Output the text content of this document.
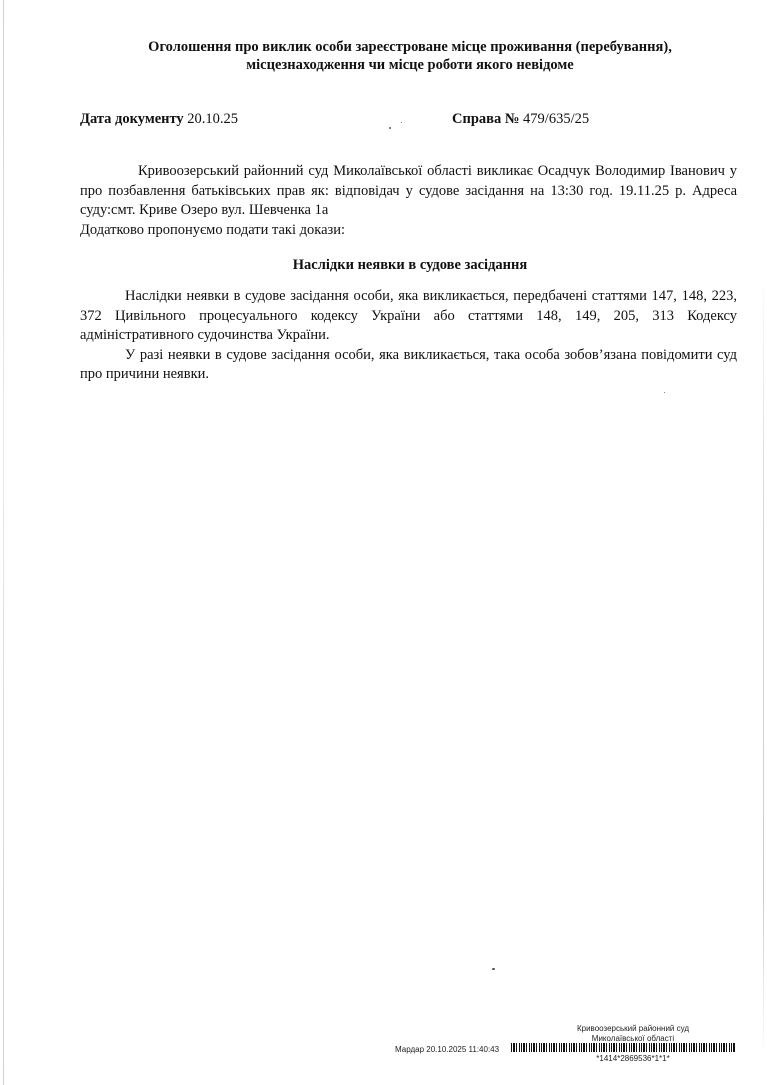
Оголошення про виклик особи зареєстроване місце проживання (перебування),
місцезнаходження чи місце роботи якого невідоме
Дата документу 20.10.25	Справа № 479/635/25
Кривоозерський районний суд Миколаївської області викликає Осадчук Володимир Іванович у про позбавлення батьківських прав як: відповідач у судове засідання на 13:30 год. 19.11.25 р. Адреса суду:смт. Криве Озеро вул. Шевченка 1а
Додатково пропонуємо подати такі докази:
Наслідки неявки в судове засідання
Наслідки неявки в судове засідання особи, яка викликається, передбачені статтями 147, 148, 223, 372 Цивільного процесуального кодексу України або статтями 148, 149, 205, 313 Кодексу адміністративного судочинства України.
У разі неявки в судове засідання особи, яка викликається, така особа зобов’язана повідомити суд про причини неявки.
Кривоозерський районний суд
Миколаївської області
Мардар 20.10.2025 11:40:43
*1414*2869536*1*1*
